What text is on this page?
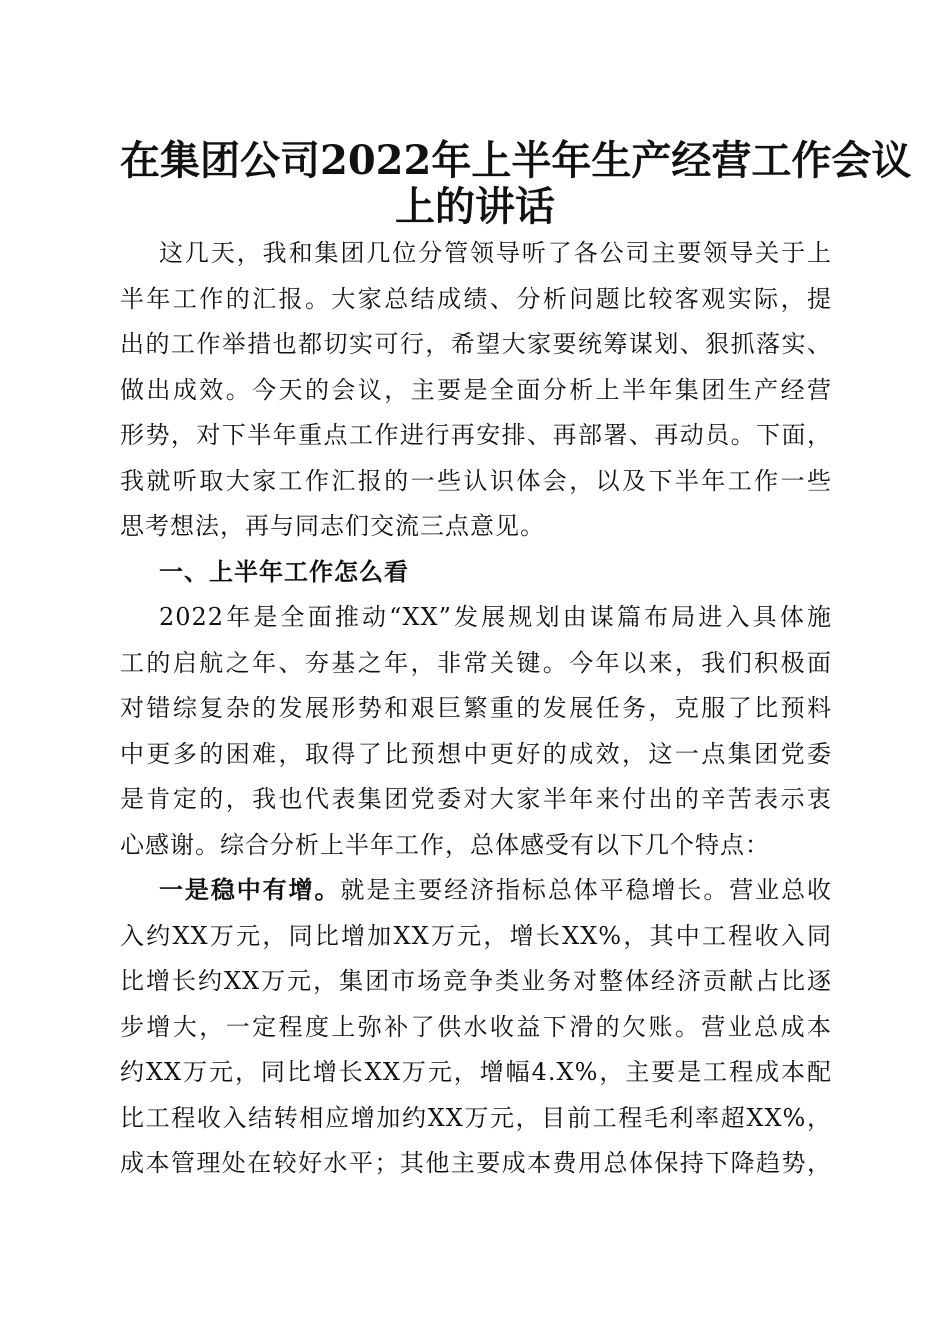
在集团公司2022年上半年生产经营工作会议
上的讲话
这几天，我和集团几位分管领导听了各公司主要领导关于上
半年工作的汇报。大家总结成绩、分析问题比较客观实际，提
出的工作举措也都切实可行，希望大家要统筹谋划、狠抓落实、
做出成效。今天的会议，主要是全面分析上半年集团生产经营
形势，对下半年重点工作进行再安排、再部署、再动员。下面，
我就听取大家工作汇报的一些认识体会，以及下半年工作一些
思考想法，再与同志们交流三点意见。
一、上半年工作怎么看
2022年是全面推动“XX”发展规划由谋篇布局进入具体施
工的启航之年、夯基之年，非常关键。今年以来，我们积极面
对错综复杂的发展形势和艰巨繁重的发展任务，克服了比预料
中更多的困难，取得了比预想中更好的成效，这一点集团党委
是肯定的，我也代表集团党委对大家半年来付出的辛苦表示衷
心感谢。综合分析上半年工作，总体感受有以下几个特点：
一是稳中有增。就是主要经济指标总体平稳增长。营业总收
入约XX万元，同比增加XX万元，增长XX%，其中工程收入同
比增长约XX万元，集团市场竞争类业务对整体经济贡献占比逐
步增大，一定程度上弥补了供水收益下滑的欠账。营业总成本
约XX万元，同比增长XX万元，增幅4.X%，主要是工程成本配
比工程收入结转相应增加约XX万元，目前工程毛利率超XX%，
成本管理处在较好水平；其他主要成本费用总体保持下降趋势，
